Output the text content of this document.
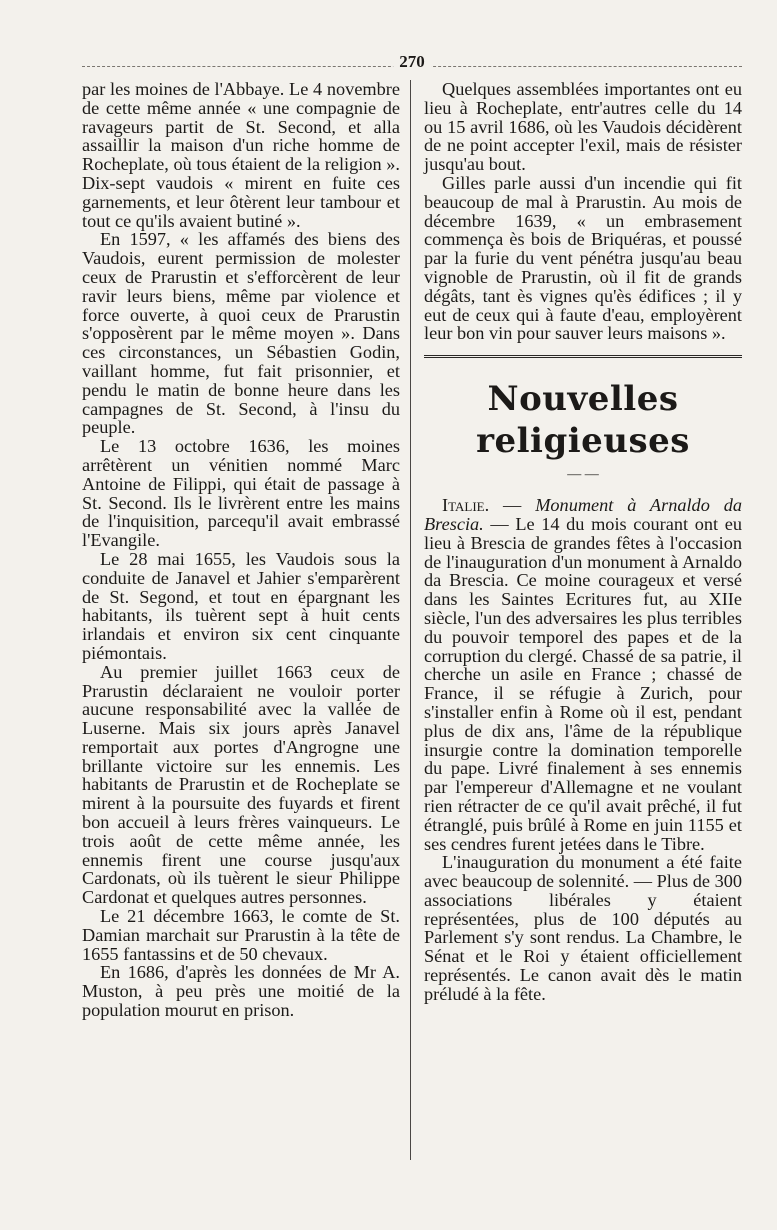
270

par les moines de l'Abbaye. Le 4 novembre de cette même année « une compagnie de ravageurs partit de St. Second, et alla assaillir la maison d'un riche homme de Rocheplate, où tous étaient de la religion ». Dix-sept vaudois « mirent en fuite ces garnements, et leur ôtèrent leur tambour et tout ce qu'ils avaient butiné ».

En 1597, « les affamés des biens des Vaudois, eurent permission de molester ceux de Prarustin et s'efforcèrent de leur ravir leurs biens, même par violence et force ouverte, à quoi ceux de Prarustin s'opposèrent par le même moyen ». Dans ces circonstances, un Sébastien Godin, vaillant homme, fut fait prisonnier, et pendu le matin de bonne heure dans les campagnes de St. Second, à l'insu du peuple.

Le 13 octobre 1636, les moines arrêtèrent un vénitien nommé Marc Antoine de Filippi, qui était de passage à St. Second. Ils le livrèrent entre les mains de l'inquisition, parcequ'il avait embrassé l'Evangile.

Le 28 mai 1655, les Vaudois sous la conduite de Janavel et Jahier s'emparèrent de St. Segond, et tout en épargnant les habitants, ils tuèrent sept à huit cents irlandais et environ six cent cinquante piémontais.

Au premier juillet 1663 ceux de Prarustin déclaraient ne vouloir porter aucune responsabilité avec la vallée de Luserne. Mais six jours après Janavel remportait aux portes d'Angrogne une brillante victoire sur les ennemis. Les habitants de Prarustin et de Rocheplate se mirent à la poursuite des fuyards et firent bon accueil à leurs frères vainqueurs. Le trois août de cette même année, les ennemis firent une course jusqu'aux Cardonats, où ils tuèrent le sieur Philippe Cardonat et quelques autres personnes.

Le 21 décembre 1663, le comte de St. Damian marchait sur Prarustin à la tête de 1655 fantassins et de 50 chevaux.

En 1686, d'après les données de Mr A. Muston, à peu près une moitié de la population mourut en prison.

Quelques assemblées importantes ont eu lieu à Rocheplate, entr'autres celle du 14 ou 15 avril 1686, où les Vaudois décidèrent de ne point accepter l'exil, mais de résister jusqu'au bout.

Gilles parle aussi d'un incendie qui fit beaucoup de mal à Prarustin. Au mois de décembre 1639, « un embrasement commença ès bois de Briquéras, et poussé par la furie du vent pénétra jusqu'au beau vignoble de Prarustin, où il fit de grands dégâts, tant ès vignes qu'ès édifices ; il y eut de ceux qui à faute d'eau, employèrent leur bon vin pour sauver leurs maisons ».

Nouvelles religieuses
— —

Italie. — Monument à Arnaldo da Brescia. — Le 14 du mois courant ont eu lieu à Brescia de grandes fêtes à l'occasion de l'inauguration d'un monument à Arnaldo da Brescia. Ce moine courageux et versé dans les Saintes Ecritures fut, au XIIe siècle, l'un des adversaires les plus terribles du pouvoir temporel des papes et de la corruption du clergé. Chassé de sa patrie, il cherche un asile en France ; chassé de France, il se réfugie à Zurich, pour s'installer enfin à Rome où il est, pendant plus de dix ans, l'âme de la république insurgie contre la domination temporelle du pape. Livré finalement à ses ennemis par l'empereur d'Allemagne et ne voulant rien rétracter de ce qu'il avait prêché, il fut étranglé, puis brûlé à Rome en juin 1155 et ses cendres furent jetées dans le Tibre.

L'inauguration du monument a été faite avec beaucoup de solennité. — Plus de 300 associations libérales y étaient représentées, plus de 100 députés au Parlement s'y sont rendus. La Chambre, le Sénat et le Roi y étaient officiellement représentés. Le canon avait dès le matin préludé à la fête.
